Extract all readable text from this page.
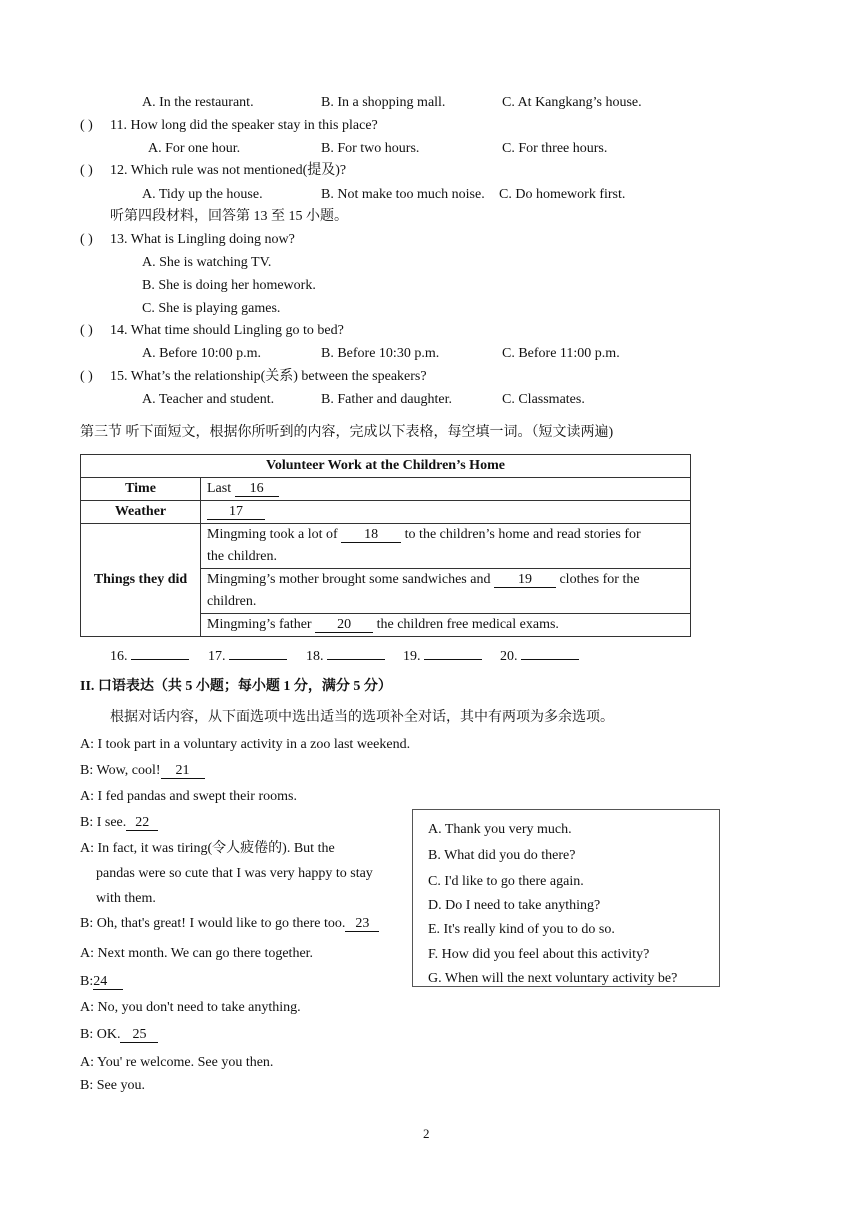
A. In the restaurant.	B. In a shopping mall.	C. At Kangkang’s house.
( ) 11. How long did the speaker stay in this place?
A. For one hour.	B. For two hours.	C. For three hours.
( ) 12. Which rule was not mentioned(提及)?
A. Tidy up the house.	B. Not make too much noise. C. Do homework first.
听第四段材料，回答第 13 至 15 小题。
( ) 13. What is Lingling doing now?
A. She is watching TV.
B. She is doing her homework.
C. She is playing games.
( ) 14. What time should Lingling go to bed?
A. Before 10:00 p.m.	B. Before 10:30 p.m.	C. Before 11:00 p.m.
( ) 15. What’s the relationship(关系) between the speakers?
A. Teacher and student.	B. Father and daughter.	C. Classmates.
第三节 听下面短文，根据你所听到的内容，完成以下表格，每空填一词。（短文读两遍)
Volunteer Work at the Children’s Home	
Time	Last 16
Weather	17
Things they did	Mingming took a lot of 18 to the children’s home and read stories for
the children.
	Mingming’s mother brought some sandwiches and 19 clothes for the
children.
	Mingming’s father 20 the children free medical exams.
16.	17.	18.	19.	20.
II. 口语表达（共 5 小题；每小题 1 分，满分 5 分）
根据对话内容，从下面选项中选出适当的选项补全对话，其中有两项为多余选项。
A: I took part in a voluntary activity in a zoo last weekend.
B: Wow, cool! 21
A: I fed pandas and swept their rooms.
B: I see. 22
A: In fact, it was tiring(令人疲倦的). But the
pandas were so cute that I was very happy to stay
with them.
B: Oh, that's great! I would like to go there too. 23
A: Next month. We can go there together.
B:24
A: No, you don't need to take anything.
B: OK. 25
A: You' re welcome. See you then.
B: See you.
A. Thank you very much.
B. What did you do there?
C. I'd like to go there again.
D. Do I need to take anything?
E. It's really kind of you to do so.
F. How did you feel about this activity?
G. When will the next voluntary activity be?
2
